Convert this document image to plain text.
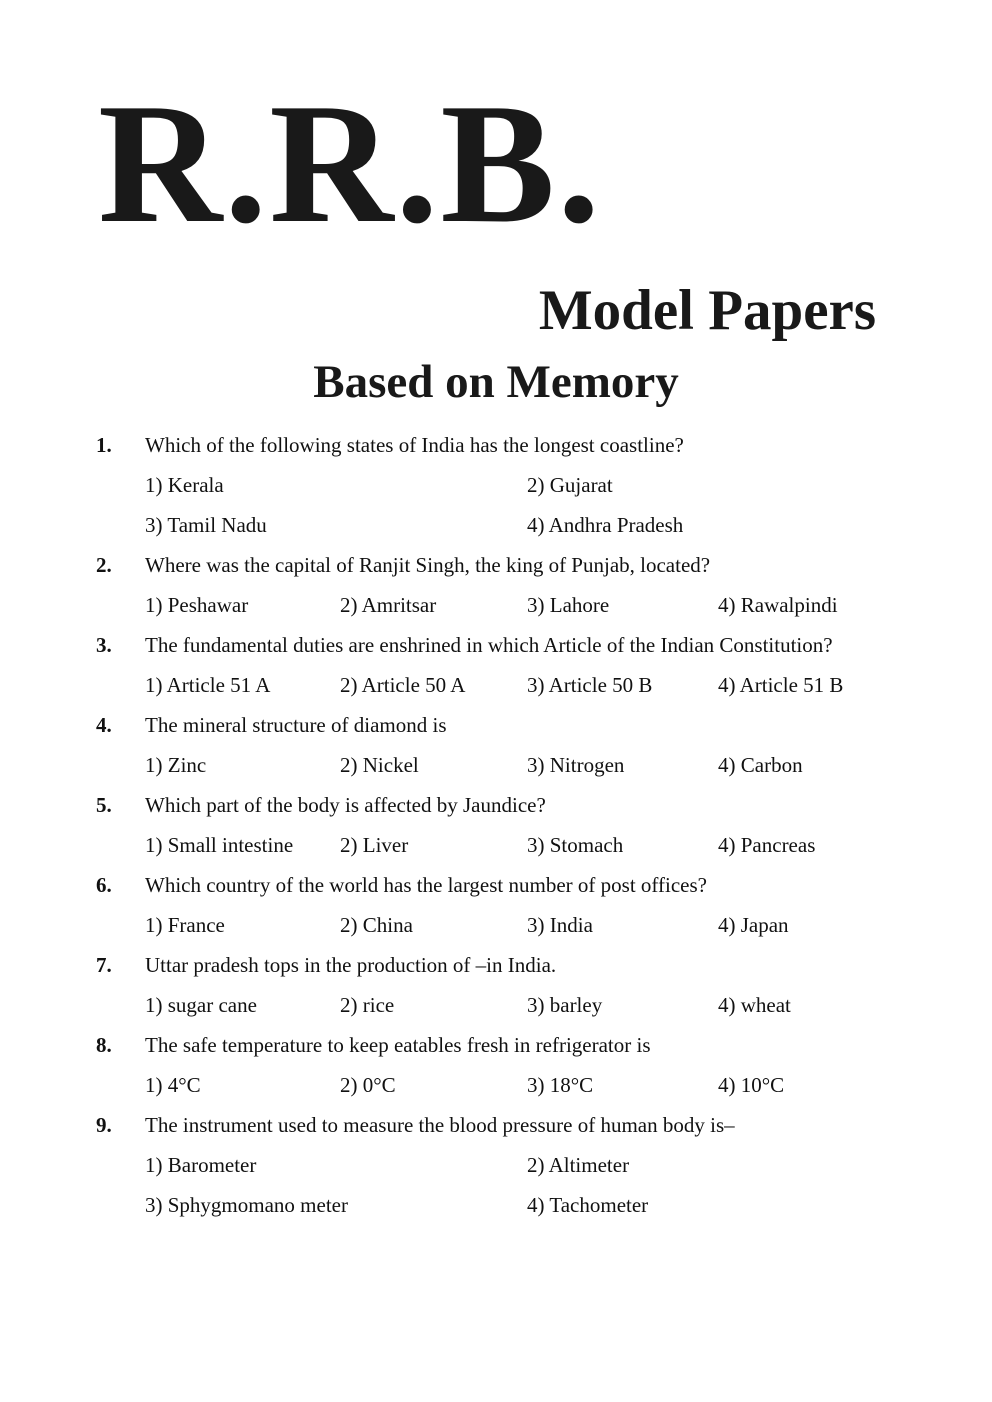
R.R.B.
Model Papers
Based on Memory
1.	Which of the following states of India has the longest coastline?

1) Kerala	2) Gujarat
3) Tamil Nadu	4) Andhra Pradesh
2.	Where was the capital of Ranjit Singh, the king of Punjab, located?

1) Peshawar	2) Amritsar	3) Lahore	4) Rawalpindi
3.	The fundamental duties are enshrined in which Article of the Indian Constitution?

1) Article 51 A	2) Article 50 A	3) Article 50 B	4) Article 51 B
4.	The mineral structure of diamond is

1) Zinc	2) Nickel	3) Nitrogen	4) Carbon
5.	Which part of the body is affected by Jaundice?

1) Small intestine	2) Liver	3) Stomach	4) Pancreas
6.	Which country of the world has the largest number of post offices?

1) France	2) China	3) India	4) Japan
7.	Uttar pradesh tops in the production of –in India.

1) sugar cane	2) rice	3) barley	4) wheat
8.	The safe temperature to keep eatables fresh in refrigerator is

1) 4°C	2) 0°C	3) 18°C	4) 10°C
9.	The instrument used to measure the blood pressure of human body is–

1) Barometer	2) Altimeter
3) Sphygmomano meter	4) Tachometer
